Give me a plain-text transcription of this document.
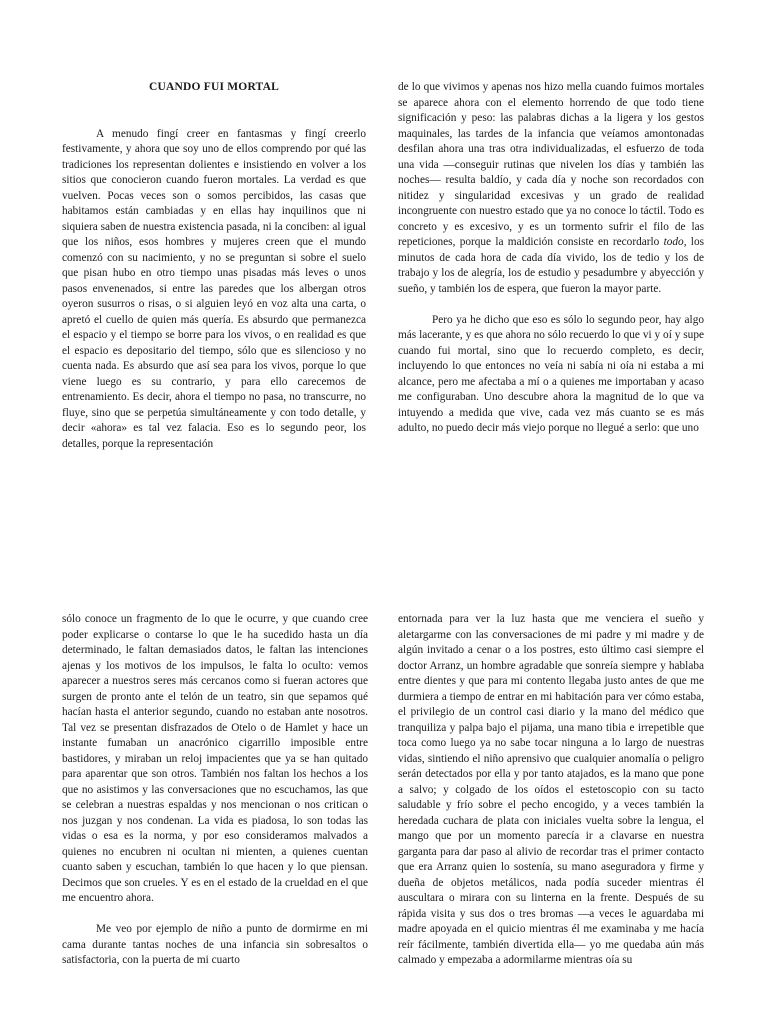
CUANDO FUI MORTAL

A menudo fingí creer en fantasmas y fingí creerlo festivamente, y ahora que soy uno de ellos comprendo por qué las tradiciones los representan dolientes e insistiendo en volver a los sitios que conocieron cuando fueron mortales. La verdad es que vuelven. Pocas veces son o somos percibidos, las casas que habitamos están cambiadas y en ellas hay inquilinos que ni siquiera saben de nuestra existencia pasada, ni la conciben: al igual que los niños, esos hombres y mujeres creen que el mundo comenzó con su nacimiento, y no se preguntan si sobre el suelo que pisan hubo en otro tiempo unas pisadas más leves o unos pasos envenenados, si entre las paredes que los albergan otros oyeron susurros o risas, o si alguien leyó en voz alta una carta, o apretó el cuello de quien más quería. Es absurdo que permanezca el espacio y el tiempo se borre para los vivos, o en realidad es que el espacio es depositario del tiempo, sólo que es silencioso y no cuenta nada. Es absurdo que así sea para los vivos, porque lo que viene luego es su contrario, y para ello carecemos de entrenamiento. Es decir, ahora el tiempo no pasa, no transcurre, no fluye, sino que se perpetúa simultáneamente y con todo detalle, y decir «ahora» es tal vez falacia. Eso es lo segundo peor, los detalles, porque la representación

de lo que vivimos y apenas nos hizo mella cuando fuimos mortales se aparece ahora con el elemento horrendo de que todo tiene significación y peso: las palabras dichas a la ligera y los gestos maquinales, las tardes de la infancia que veíamos amontonadas desfilan ahora una tras otra individualizadas, el esfuerzo de toda una vida —conseguir rutinas que nivelen los días y también las noches— resulta baldío, y cada día y noche son recordados con nitidez y singularidad excesivas y un grado de realidad incongruente con nuestro estado que ya no conoce lo táctil. Todo es concreto y es excesivo, y es un tormento sufrir el filo de las repeticiones, porque la maldición consiste en recordarlo todo, los minutos de cada hora de cada día vivido, los de tedio y los de trabajo y los de alegría, los de estudio y pesadumbre y abyección y sueño, y también los de espera, que fueron la mayor parte.

Pero ya he dicho que eso es sólo lo segundo peor, hay algo más lacerante, y es que ahora no sólo recuerdo lo que vi y oí y supe cuando fui mortal, sino que lo recuerdo completo, es decir, incluyendo lo que entonces no veía ni sabía ni oía ni estaba a mi alcance, pero me afectaba a mí o a quienes me importaban y acaso me configuraban. Uno descubre ahora la magnitud de lo que va intuyendo a medida que vive, cada vez más cuanto se es más adulto, no puedo decir más viejo porque no llegué a serlo: que uno

sólo conoce un fragmento de lo que le ocurre, y que cuando cree poder explicarse o contarse lo que le ha sucedido hasta un día determinado, le faltan demasiados datos, le faltan las intenciones ajenas y los motivos de los impulsos, le falta lo oculto: vemos aparecer a nuestros seres más cercanos como si fueran actores que surgen de pronto ante el telón de un teatro, sin que sepamos qué hacían hasta el anterior segundo, cuando no estaban ante nosotros. Tal vez se presentan disfrazados de Otelo o de Hamlet y hace un instante fumaban un anacrónico cigarrillo imposible entre bastidores, y miraban un reloj impacientes que ya se han quitado para aparentar que son otros. También nos faltan los hechos a los que no asistimos y las conversaciones que no escuchamos, las que se celebran a nuestras espaldas y nos mencionan o nos critican o nos juzgan y nos condenan. La vida es piadosa, lo son todas las vidas o esa es la norma, y por eso consideramos malvados a quienes no encubren ni ocultan ni mienten, a quienes cuentan cuanto saben y escuchan, también lo que hacen y lo que piensan. Decimos que son crueles. Y es en el estado de la crueldad en el que me encuentro ahora.

Me veo por ejemplo de niño a punto de dormirme en mi cama durante tantas noches de una infancia sin sobresaltos o satisfactoria, con la puerta de mi cuarto

entornada para ver la luz hasta que me venciera el sueño y aletargarme con las conversaciones de mi padre y mi madre y de algún invitado a cenar o a los postres, esto último casi siempre el doctor Arranz, un hombre agradable que sonreía siempre y hablaba entre dientes y que para mi contento llegaba justo antes de que me durmiera a tiempo de entrar en mi habitación para ver cómo estaba, el privilegio de un control casi diario y la mano del médico que tranquiliza y palpa bajo el pijama, una mano tibia e irrepetible que toca como luego ya no sabe tocar ninguna a lo largo de nuestras vidas, sintiendo el niño aprensivo que cualquier anomalía o peligro serán detectados por ella y por tanto atajados, es la mano que pone a salvo; y colgado de los oídos el estetoscopio con su tacto saludable y frío sobre el pecho encogido, y a veces también la heredada cuchara de plata con iniciales vuelta sobre la lengua, el mango que por un momento parecía ir a clavarse en nuestra garganta para dar paso al alivio de recordar tras el primer contacto que era Arranz quien lo sostenía, su mano aseguradora y firme y dueña de objetos metálicos, nada podía suceder mientras él auscultara o mirara con su linterna en la frente. Después de su rápida visita y sus dos o tres bromas —a veces le aguardaba mi madre apoyada en el quicio mientras él me examinaba y me hacía reír fácilmente, también divertida ella— yo me quedaba aún más calmado y empezaba a adormilarme mientras oía su
